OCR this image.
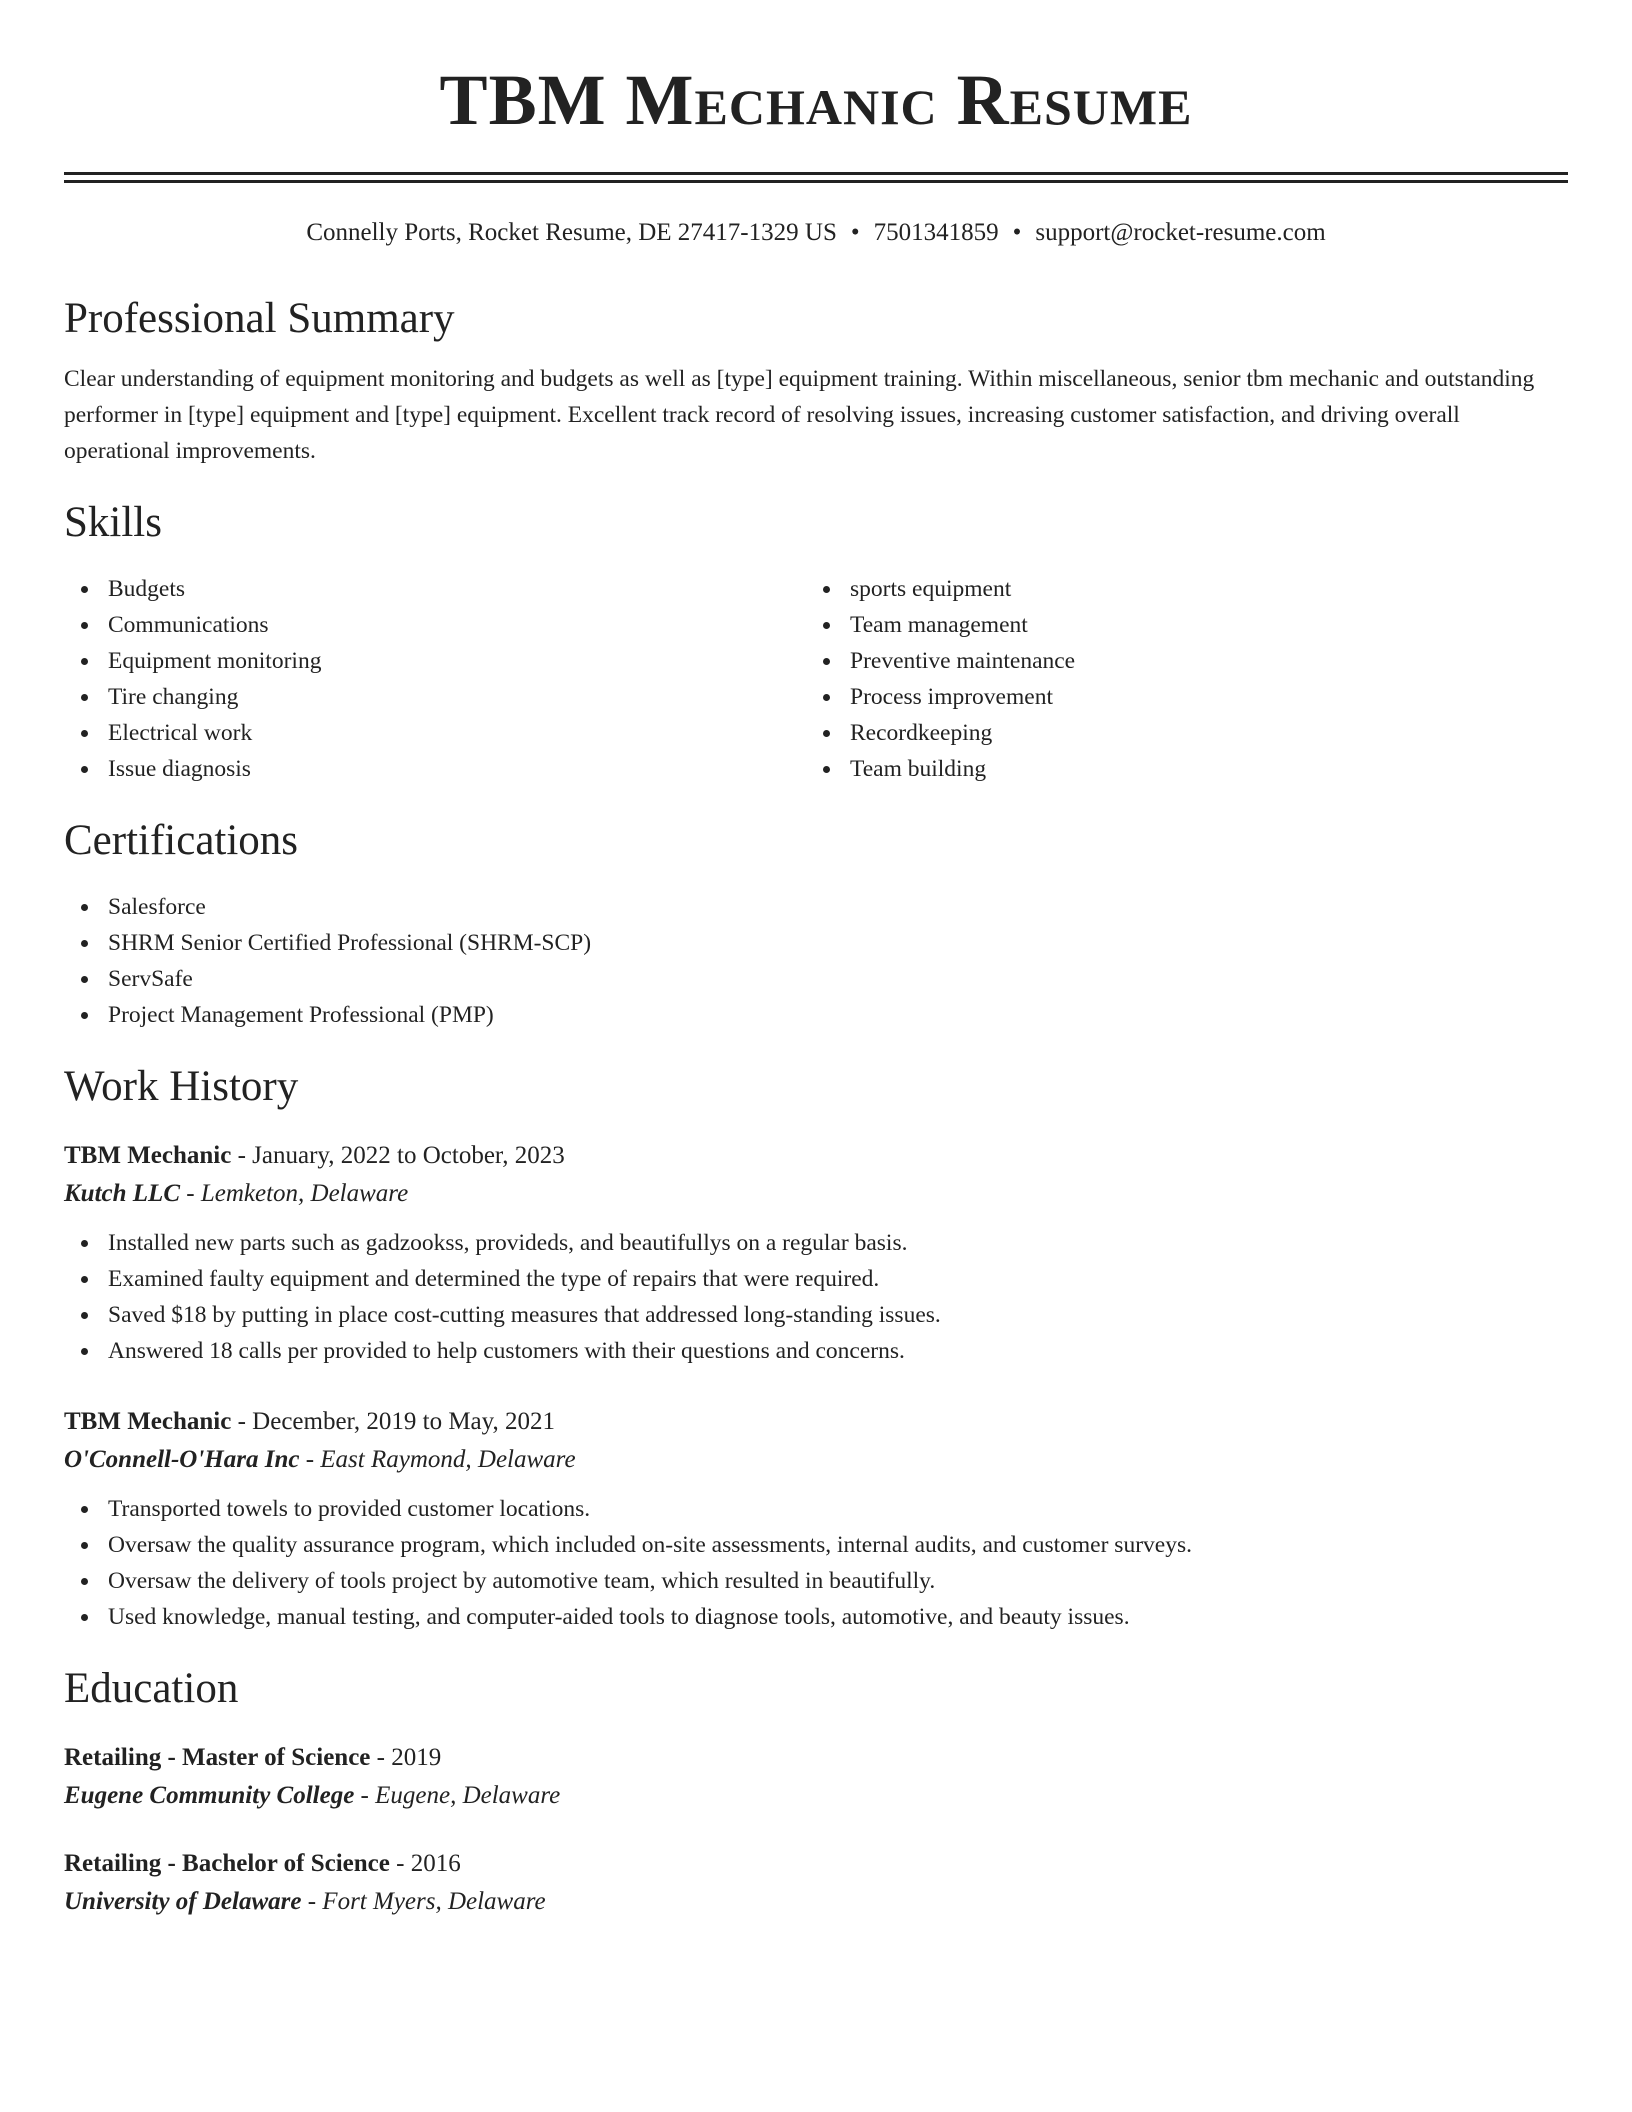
TBM Mechanic Resume
Connelly Ports, Rocket Resume, DE 27417-1329 US • 7501341859 • support@rocket-resume.com
Professional Summary

Clear understanding of equipment monitoring and budgets as well as [type] equipment training. Within miscellaneous, senior tbm mechanic and outstanding performer in [type] equipment and [type] equipment. Excellent track record of resolving issues, increasing customer satisfaction, and driving overall operational improvements.

Skills
Budgets
Communications
Equipment monitoring
Tire changing
Electrical work
Issue diagnosis
sports equipment
Team management
Preventive maintenance
Process improvement
Recordkeeping
Team building
Certifications
Salesforce
SHRM Senior Certified Professional (SHRM-SCP)
ServSafe
Project Management Professional (PMP)
Work History
TBM Mechanic - January, 2022 to October, 2023
Kutch LLC - Lemketon, Delaware
Installed new parts such as gadzookss, provideds, and beautifullys on a regular basis.
Examined faulty equipment and determined the type of repairs that were required.
Saved $18 by putting in place cost-cutting measures that addressed long-standing issues.
Answered 18 calls per provided to help customers with their questions and concerns.
TBM Mechanic - December, 2019 to May, 2021
O'Connell-O'Hara Inc - East Raymond, Delaware
Transported towels to provided customer locations.
Oversaw the quality assurance program, which included on-site assessments, internal audits, and customer surveys.
Oversaw the delivery of tools project by automotive team, which resulted in beautifully.
Used knowledge, manual testing, and computer-aided tools to diagnose tools, automotive, and beauty issues.
Education
Retailing - Master of Science - 2019
Eugene Community College - Eugene, Delaware
Retailing - Bachelor of Science - 2016
University of Delaware - Fort Myers, Delaware
